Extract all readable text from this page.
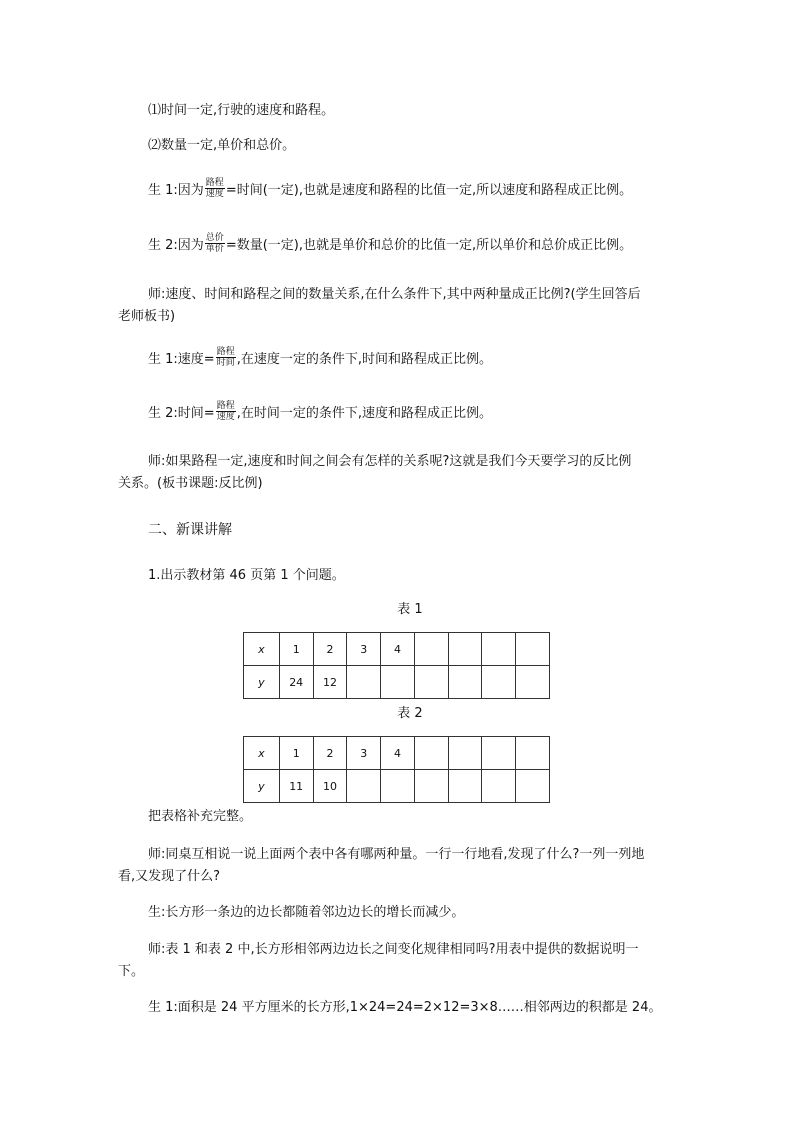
⑴时间一定,行驶的速度和路程。
⑵数量一定,单价和总价。
生 1:因为 $\frac{\text{路程}}{\text{速度}}$ =时间(一定),也就是速度和路程的比值一定,所以速度和路程成正比例。
生 2:因为 $\frac{\text{总价}}{\text{单价}}$ =数量(一定),也就是单价和总价的比值一定,所以单价和总价成正比例。
师:速度、时间和路程之间的数量关系,在什么条件下,其中两种量成正比例?(学生回答后
老师板书)
生 1:速度= $\frac{\text{路程}}{\text{时间}}$ ,在速度一定的条件下,时间和路程成正比例。
生 2:时间= $\frac{\text{路程}}{\text{速度}}$ ,在时间一定的条件下,速度和路程成正比例。
师:如果路程一定,速度和时间之间会有怎样的关系呢?这就是我们今天要学习的反比例
关系。(板书课题:反比例)
二、新课讲解
1.出示教材第 46 页第 1 个问题。
表 1
x	1	2	3	4				
y	24	12						
表 2
x	1	2	3	4				
y	11	10						
把表格补充完整。
师:同桌互相说一说上面两个表中各有哪两种量。一行一行地看,发现了什么?一列一列地
看,又发现了什么?
生:长方形一条边的边长都随着邻边边长的增长而减少。
师:表 1 和表 2 中,长方形相邻两边边长之间变化规律相同吗?用表中提供的数据说明一
下。
生 1:面积是 24 平方厘米的长方形,1×24=24=2×12=3×8……相邻两边的积都是 24。
